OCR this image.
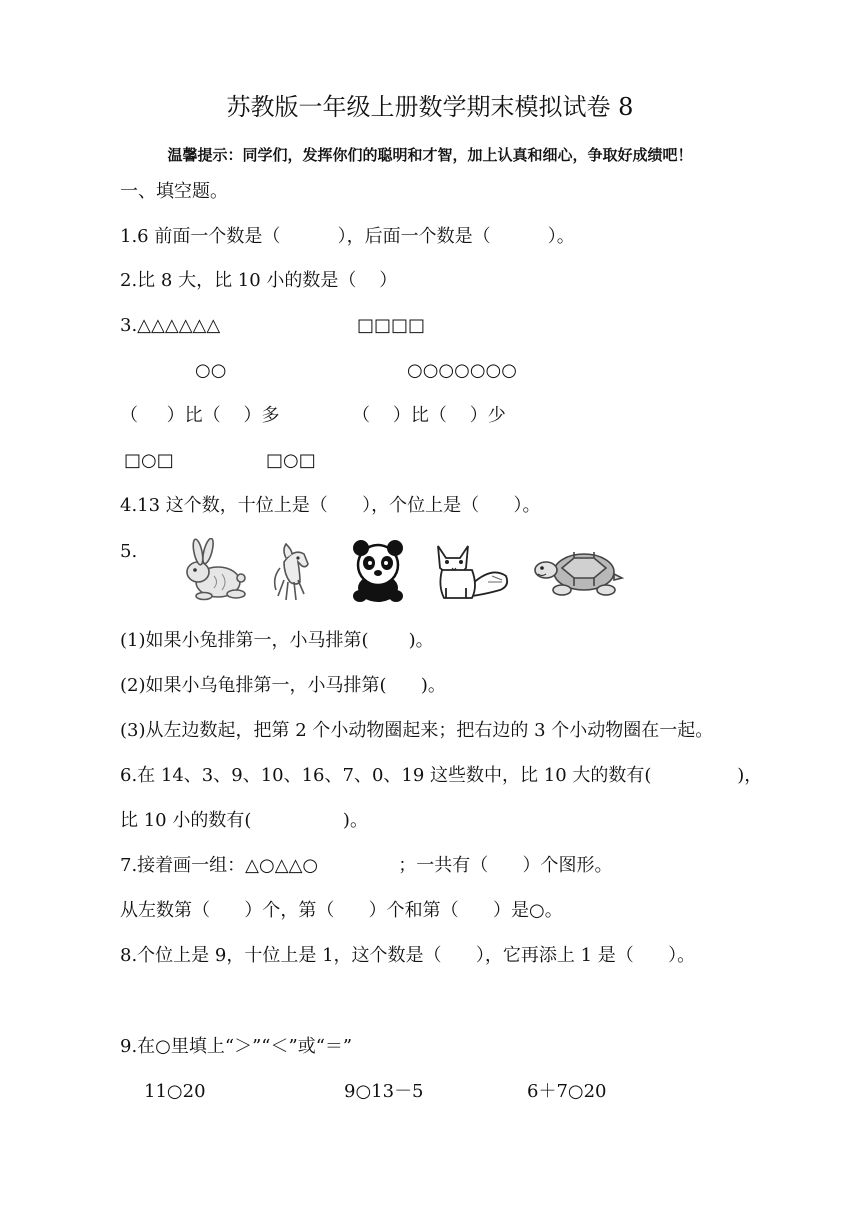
苏教版一年级上册数学期末模拟试卷 8
温馨提示：同学们，发挥你们的聪明和才智，加上认真和细心，争取好成绩吧！
一、填空题。
1.6 前面一个数是（          ），后面一个数是（          ）。
2.比 8 大，比 10 小的数是（    ）
3.△△△△△△	□□□□
○○	○○○○○○○
（     ）比（    ）多	（    ）比（    ）少
□○□	□○□
4.13 这个数，十位上是（      ），个位上是（      ）。
5.
(1)如果小兔排第一，小马排第(       )。
(2)如果小乌龟排第一，小马排第(      )。
(3)从左边数起，把第 2 个小动物圈起来；把右边的 3 个小动物圈在一起。
6.在 14、3、9、10、16、7、0、19 这些数中，比 10 大的数有(               )，
比 10 小的数有(                )。
7.接着画一组：△○△△○              ；一共有（      ）个图形。
从左数第（      ）个，第（      ）个和第（      ）是○。
8.个位上是 9，十位上是 1，这个数是（      ），它再添上 1 是（      ）。
9.在○里填上“＞”“＜”或“＝”
11○20	9○13－5	6＋7○20
